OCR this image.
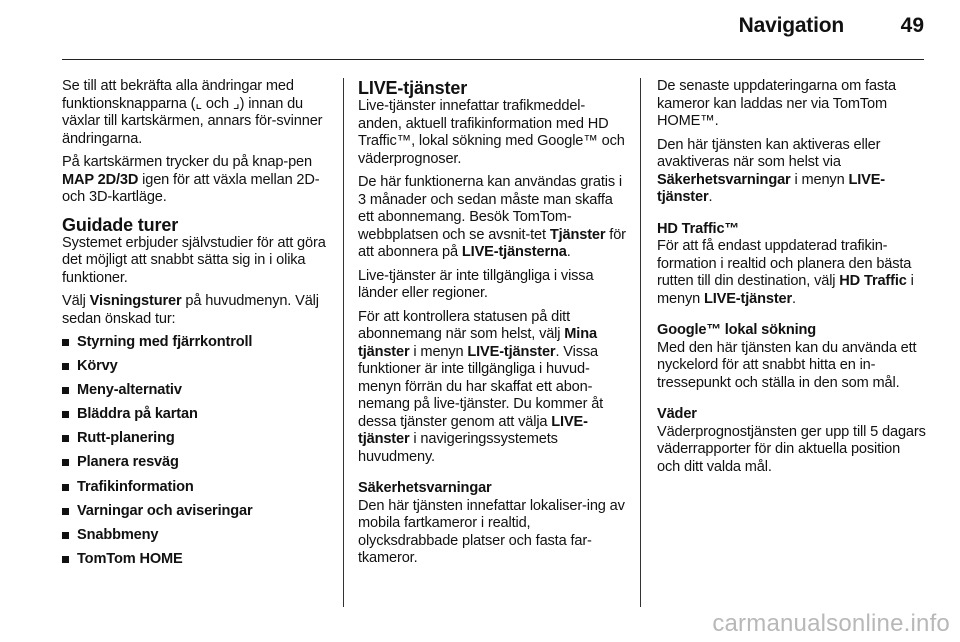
Navigation	49

Se till att bekräfta alla ändringar med funktionsknapparna (⌞ och ⌟) innan du växlar till kartskärmen, annars för-svinner ändringarna.

På kartskärmen trycker du på knap-pen MAP 2D/3D igen för att växla mellan 2D- och 3D-kartläge.

Guidade turer

Systemet erbjuder självstudier för att göra det möjligt att snabbt sätta sig in i olika funktioner.

Välj Visningsturer på huvudmenyn. Välj sedan önskad tur:

Styrning med fjärrkontroll
Körvy
Meny-alternativ
Bläddra på kartan
Rutt-planering
Planera resväg
Trafikinformation
Varningar och aviseringar
Snabbmeny
TomTom HOME
LIVE-tjänster

Live-tjänster innefattar trafikmeddel-anden, aktuell trafikinformation med HD Traffic™, lokal sökning med Google™ och väderprognoser.

De här funktionerna kan användas gratis i 3 månader och sedan måste man skaffa ett abonnemang. Besök TomTom-webbplatsen och se avsnit-tet Tjänster för att abonnera på LIVE-tjänsterna.

Live-tjänster är inte tillgängliga i vissa länder eller regioner.

För att kontrollera statusen på ditt abonnemang när som helst, välj Mina tjänster i menyn LIVE-tjänster. Vissa funktioner är inte tillgängliga i huvud-menyn förrän du har skaffat ett abon-nemang på live-tjänster. Du kommer åt dessa tjänster genom att välja LIVE-tjänster i navigeringssystemets huvudmeny.

Säkerhetsvarningar

Den här tjänsten innefattar lokaliser-ing av mobila fartkameror i realtid, olycksdrabbade platser och fasta far-tkameror.

De senaste uppdateringarna om fasta kameror kan laddas ner via TomTom HOME™.

Den här tjänsten kan aktiveras eller avaktiveras när som helst via Säkerhetsvarningar i menyn LIVE-tjänster.

HD Traffic™

För att få endast uppdaterad trafikin-formation i realtid och planera den bästa rutten till din destination, välj HD Traffic i menyn LIVE-tjänster.

Google™ lokal sökning

Med den här tjänsten kan du använda ett nyckelord för att snabbt hitta en in-tressepunkt och ställa in den som mål.

Väder

Väderprognostjänsten ger upp till 5 dagars väderrapporter för din aktuella position och ditt valda mål.

carmanualsonline.info
